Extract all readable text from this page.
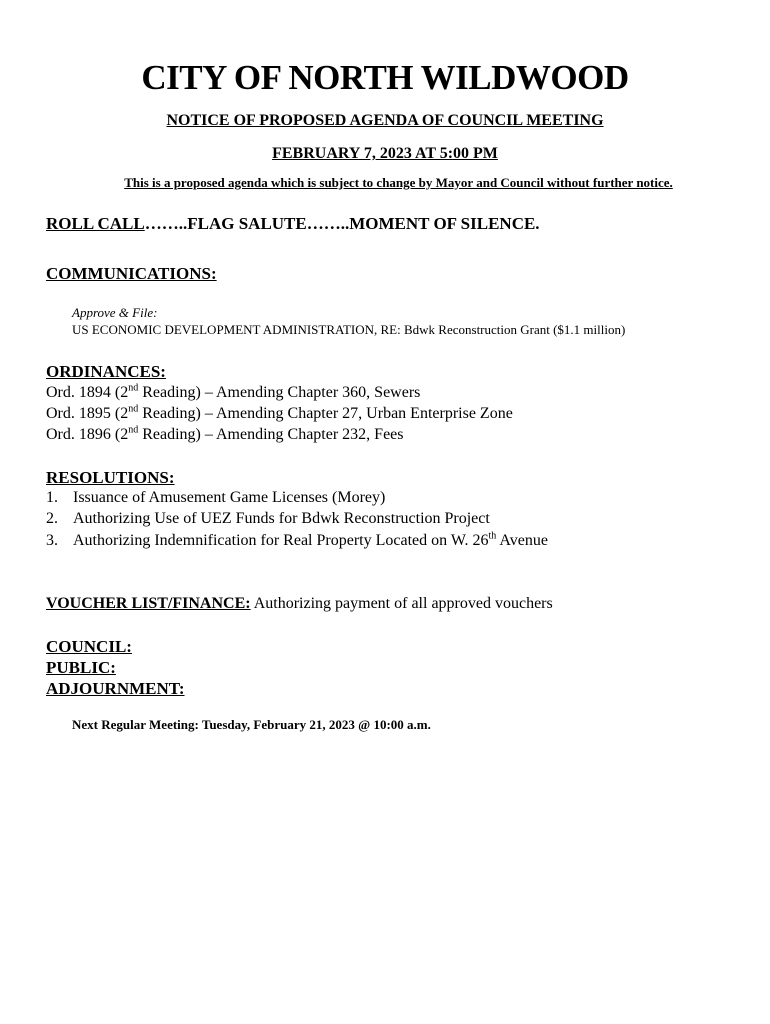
CITY OF NORTH WILDWOOD
NOTICE OF PROPOSED AGENDA OF COUNCIL MEETING
FEBRUARY 7, 2023 AT 5:00 PM
This is a proposed agenda which is subject to change by Mayor and Council without further notice.
ROLL CALL……..FLAG SALUTE……..MOMENT OF SILENCE.
COMMUNICATIONS:
Approve & File:
US ECONOMIC DEVELOPMENT ADMINISTRATION, RE: Bdwk Reconstruction Grant ($1.1 million)
ORDINANCES:
Ord. 1894 (2nd Reading) – Amending Chapter 360, Sewers
Ord. 1895 (2nd Reading) – Amending Chapter 27, Urban Enterprise Zone
Ord. 1896 (2nd Reading) – Amending Chapter 232, Fees
RESOLUTIONS:
1. Issuance of Amusement Game Licenses (Morey)
2. Authorizing Use of UEZ Funds for Bdwk Reconstruction Project
3. Authorizing Indemnification for Real Property Located on W. 26th Avenue
VOUCHER LIST/FINANCE: Authorizing payment of all approved vouchers
COUNCIL:
PUBLIC:
ADJOURNMENT:
Next Regular Meeting: Tuesday, February 21, 2023 @ 10:00 a.m.
